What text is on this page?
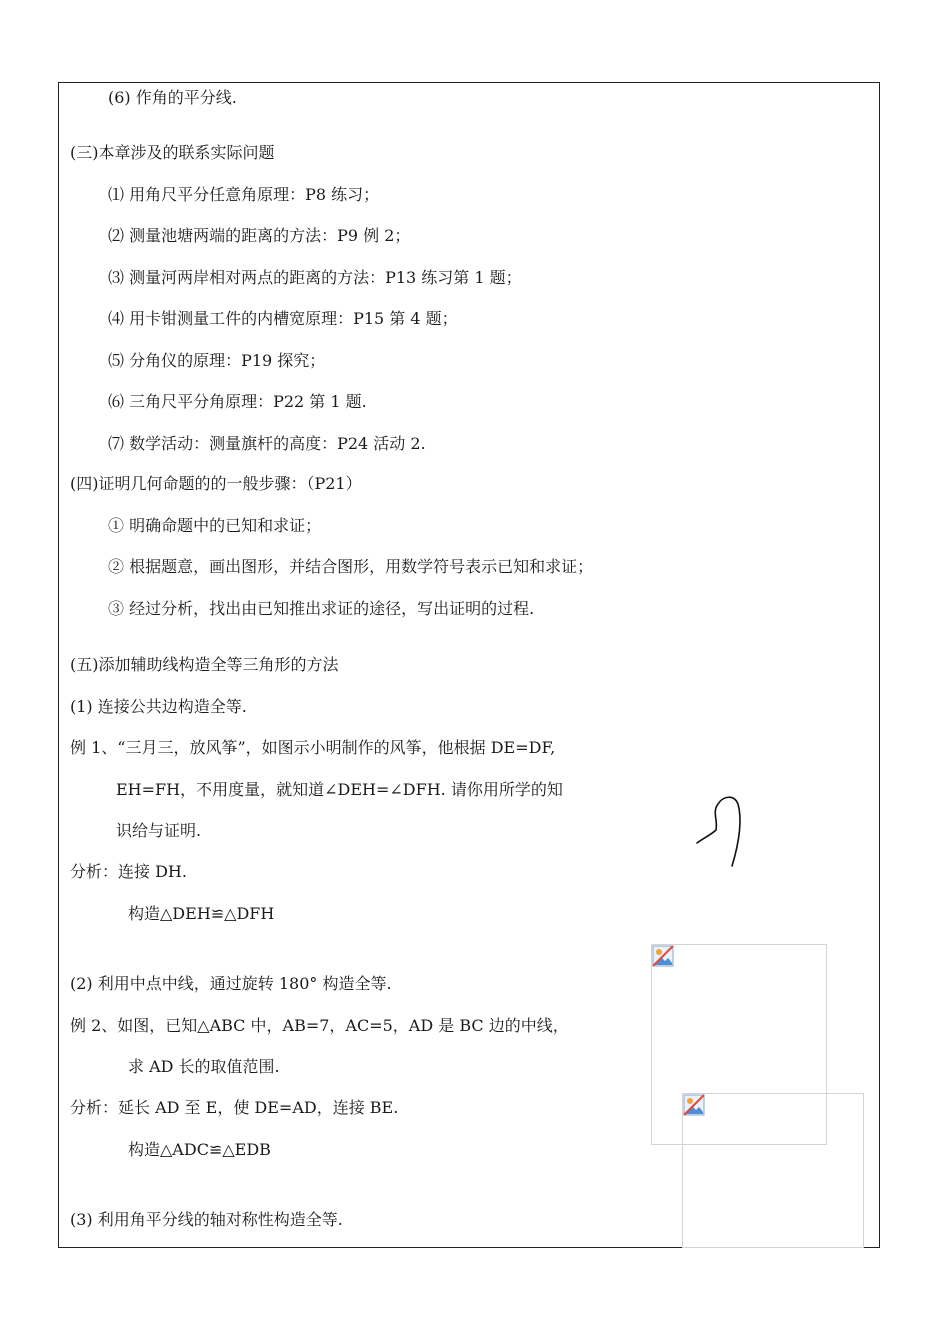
(6) 作角的平分线.
(三)本章涉及的联系实际问题
⑴ 用角尺平分任意角原理：P8 练习；
⑵ 测量池塘两端的距离的方法：P9 例 2；
⑶ 测量河两岸相对两点的距离的方法：P13 练习第 1 题；
⑷ 用卡钳测量工件的内槽宽原理：P15 第 4 题；
⑸ 分角仪的原理：P19 探究；
⑹ 三角尺平分角原理：P22 第 1 题.
⑺ 数学活动：测量旗杆的高度：P24 活动 2.
(四)证明几何命题的的一般步骤：（P21）
① 明确命题中的已知和求证；
② 根据题意，画出图形，并结合图形，用数学符号表示已知和求证；
③ 经过分析，找出由已知推出求证的途径，写出证明的过程.
(五)添加辅助线构造全等三角形的方法
(1) 连接公共边构造全等.
例 1、“三月三，放风筝”，如图示小明制作的风筝，他根据 DE=DF,
EH=FH，不用度量，就知道∠DEH=∠DFH. 请你用所学的知
识给与证明.
分析：连接 DH.
构造△DEH≌△DFH
(2) 利用中点中线，通过旋转 180° 构造全等.
例 2、如图，已知△ABC 中，AB=7，AC=5，AD 是 BC 边的中线，
求 AD 长的取值范围.
分析：延长 AD 至 E，使 DE=AD，连接 BE.
构造△ADC≌△EDB
(3) 利用角平分线的轴对称性构造全等.
